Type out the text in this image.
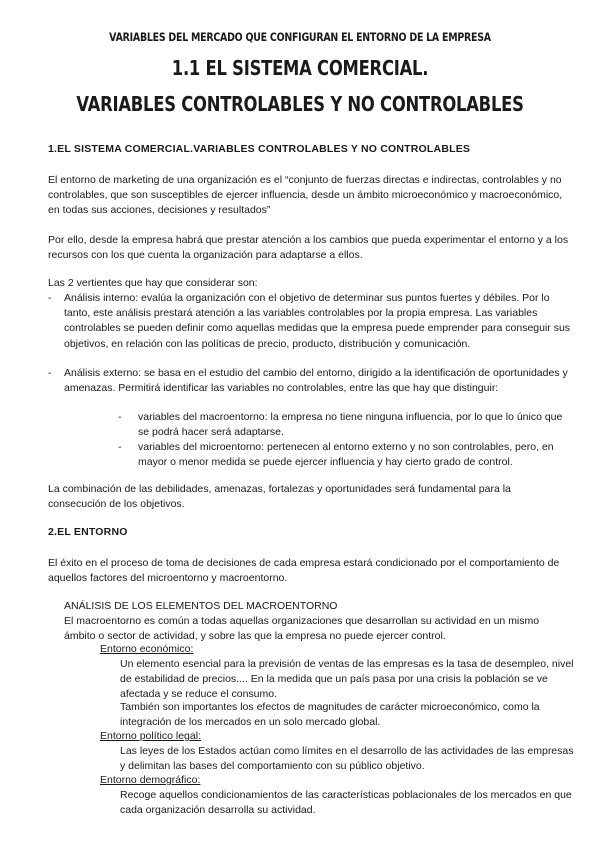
VARIABLES DEL MERCADO QUE CONFIGURAN EL ENTORNO DE LA EMPRESA
1.1 EL SISTEMA COMERCIAL.
VARIABLES CONTROLABLES Y NO CONTROLABLES
1.EL SISTEMA COMERCIAL.VARIABLES CONTROLABLES Y NO CONTROLABLES
El entorno de marketing de una organización es el “conjunto de fuerzas directas e indirectas, controlables y no controlables, que son susceptibles de ejercer influencia, desde un ámbito microeconómico y macroeconómico, en todas sus acciones, decisiones y resultados”
Por ello, desde la empresa habrá que prestar atención a los cambios que pueda experimentar el entorno y a los recursos con los que cuenta la organización para adaptarse a ellos.
Las 2 vertientes que hay que considerar son:
- Análisis interno: evalúa la organización con el objetivo de determinar sus puntos fuertes y débiles. Por lo tanto, este análisis prestará atención a las variables controlables por la propia empresa. Las variables controlables se pueden definir como aquellas medidas que la empresa puede emprender para conseguir sus objetivos, en relación con las políticas de precio, producto, distribución y comunicación.
- Análisis externo: se basa en el estudio del cambio del entorno, dirigido a la identificación de oportunidades y amenazas. Permitirá identificar las variables no controlables, entre las que hay que distinguir:
- variables del macroentorno: la empresa no tiene ninguna influencia, por lo que lo único que se podrá hacer será adaptarse.
- variables del microentorno: pertenecen al entorno externo y no son controlables, pero, en mayor o menor medida se puede ejercer influencia y hay cierto grado de control.
La combinación de las debilidades, amenazas, fortalezas y oportunidades será fundamental para la consecución de los objetivos.
2.EL ENTORNO
El éxito en el proceso de toma de decisiones de cada empresa estará condicionado por el comportamiento de aquellos factores del microentorno y macroentorno.
ANÁLISIS DE LOS ELEMENTOS DEL MACROENTORNO
El macroentorno es común a todas aquellas organizaciones que desarrollan su actividad en un mismo ámbito o sector de actividad, y sobre las que la empresa no puede ejercer control.
Entorno económico:
Un elemento esencial para la previsión de ventas de las empresas es la tasa de desempleo, nivel de estabilidad de precios.... En la medida que un país pasa por una crisis la población se ve afectada y se reduce el consumo.
También son importantes los efectos de magnitudes de carácter microeconómico, como la integración de los mercados en un solo mercado global.
Entorno político legal:
Las leyes de los Estados actúan como límites en el desarrollo de las actividades de las empresas y delimitan las bases del comportamiento con su público objetivo.
Entorno demográfico:
Recoge aquellos condicionamientos de las características poblacionales de los mercados en que cada organización desarrolla su actividad.
